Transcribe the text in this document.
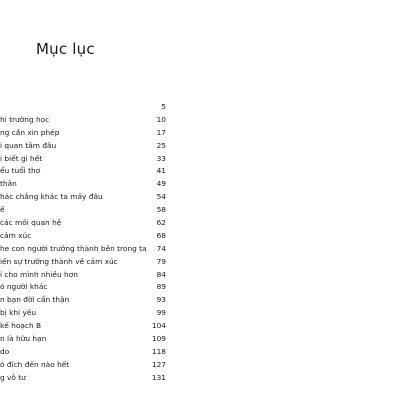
Mục lục
5
hi trường học	10
ng cần xin phép	17
i quan tâm đâu	25
i biết gì hết	33
ểu tuổi thơ	41
thân	49
hác chẳng khác ta mấy đâu	54
ế	58
các mối quan hệ	62
cảm xúc	68
he con người trưởng thành bên trong ta 74
iến sự trưởng thành về cảm xúc	79
í cho mình nhiều hơn	84
ó người khác	89
n bạn đời cẩn thận	93
bị khi yêu	99
kế hoạch B	104
n là hữu hạn	109
do	118
ó đích đến nào hết	127
g vô tư	131
